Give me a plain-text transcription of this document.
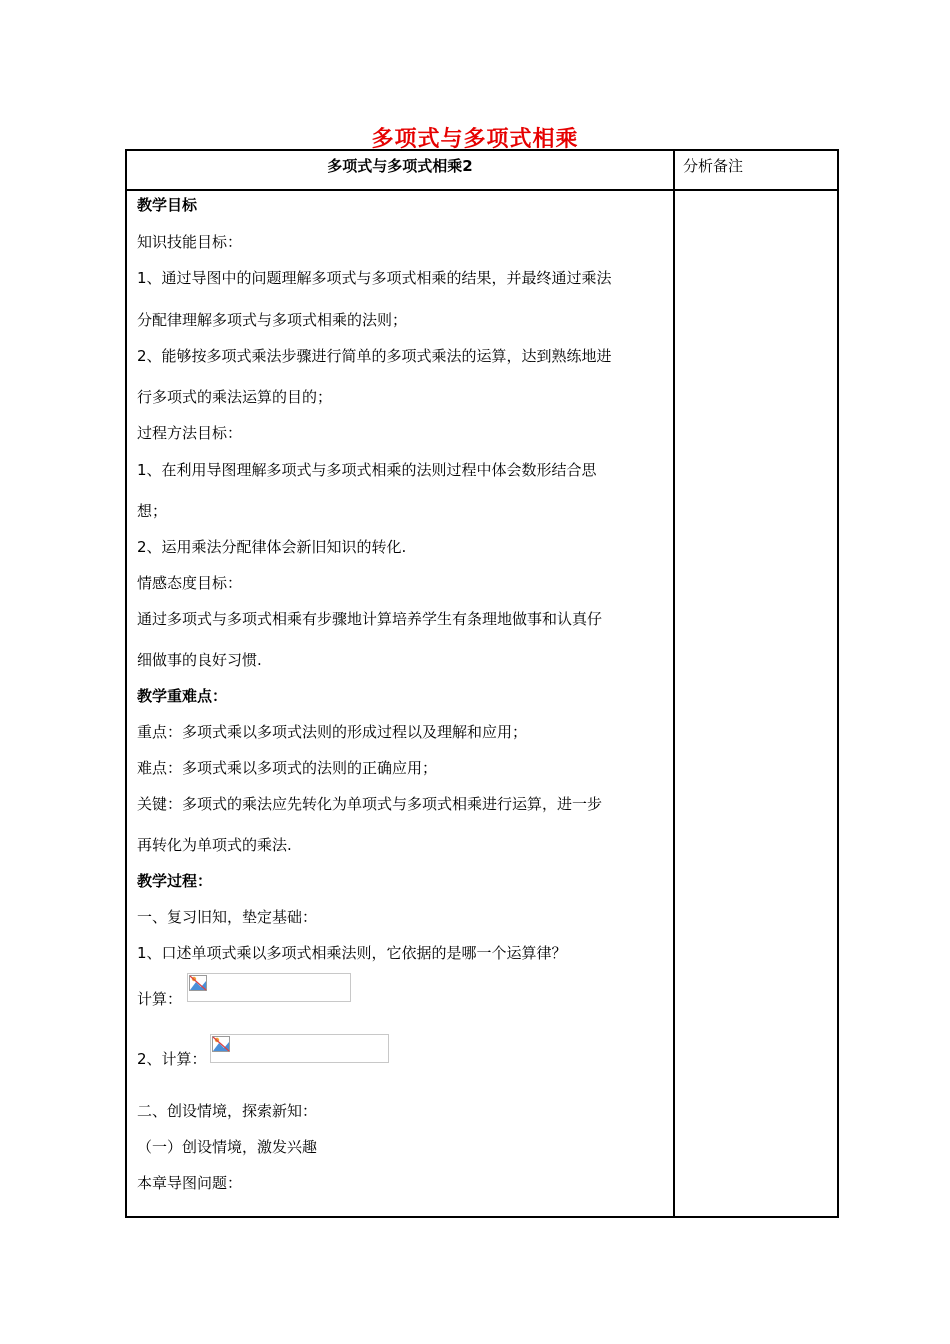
多项式与多项式相乘
多项式与多项式相乘2	分析备注
教学目标
知识技能目标：
1、通过导图中的问题理解多项式与多项式相乘的结果，并最终通过乘法
分配律理解多项式与多项式相乘的法则；
2、能够按多项式乘法步骤进行简单的多项式乘法的运算，达到熟练地进
行多项式的乘法运算的目的；
过程方法目标：
1、在利用导图理解多项式与多项式相乘的法则过程中体会数形结合思
想；
2、运用乘法分配律体会新旧知识的转化.
情感态度目标：
通过多项式与多项式相乘有步骤地计算培养学生有条理地做事和认真仔
细做事的良好习惯.
教学重难点：
重点：多项式乘以多项式法则的形成过程以及理解和应用；
难点：多项式乘以多项式的法则的正确应用；
关键：多项式的乘法应先转化为单项式与多项式相乘进行运算，进一步
再转化为单项式的乘法.
教学过程：
一、复习旧知，垫定基础：
1、口述单项式乘以多项式相乘法则，它依据的是哪一个运算律？
计算：
2、计算：
二、创设情境，探索新知：
（一）创设情境，激发兴趣
本章导图问题：
